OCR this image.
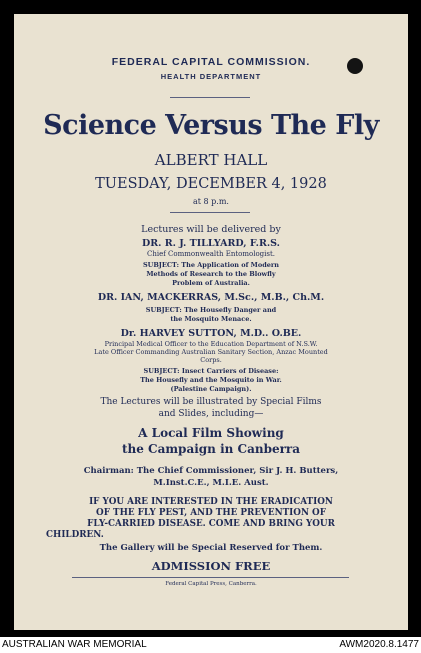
FEDERAL CAPITAL COMMISSION.
HEALTH DEPARTMENT
Science Versus The Fly
ALBERT HALL
TUESDAY, DECEMBER 4, 1928
at 8 p.m.
Lectures will be delivered by
DR. R. J. TILLYARD, F.R.S.
Chief Commonwealth Entomologist.
SUBJECT: The Application of Modern
Methods of Research to the Blowfly
Problem of Australia.
DR. IAN, MACKERRAS, M.Sc., M.B., Ch.M.
SUBJECT: The Housefly Danger and
the Mosquito Menace.
Dr. HARVEY SUTTON, M.D.. O.BE.
Principal Medical Officer to the Education Department of N.S.W.
Late Officer Commanding Australian Sanitary Section, Anzac Mounted
Corps.
SUBJECT: Insect Carriers of Disease:
The Housefly and the Mosquito in War.
(Palestine Campaign).
The Lectures will be illustrated by Special Films
and Slides, including—
A Local Film Showing
the Campaign in Canberra
Chairman: The Chief Commissioner, Sir J. H. Butters,
M.Inst.C.E., M.I.E. Aust.
IF YOU ARE INTERESTED IN THE ERADICATION
OF THE FLY PEST, AND THE PREVENTION OF
FLY-CARRIED DISEASE. COME AND BRING YOUR
CHILDREN.
The Gallery will be Special Reserved for Them.
ADMISSION FREE
Federal Capital Press, Canberra.
AUSTRALIAN WAR MEMORIAL	AWM2020.8.1477
